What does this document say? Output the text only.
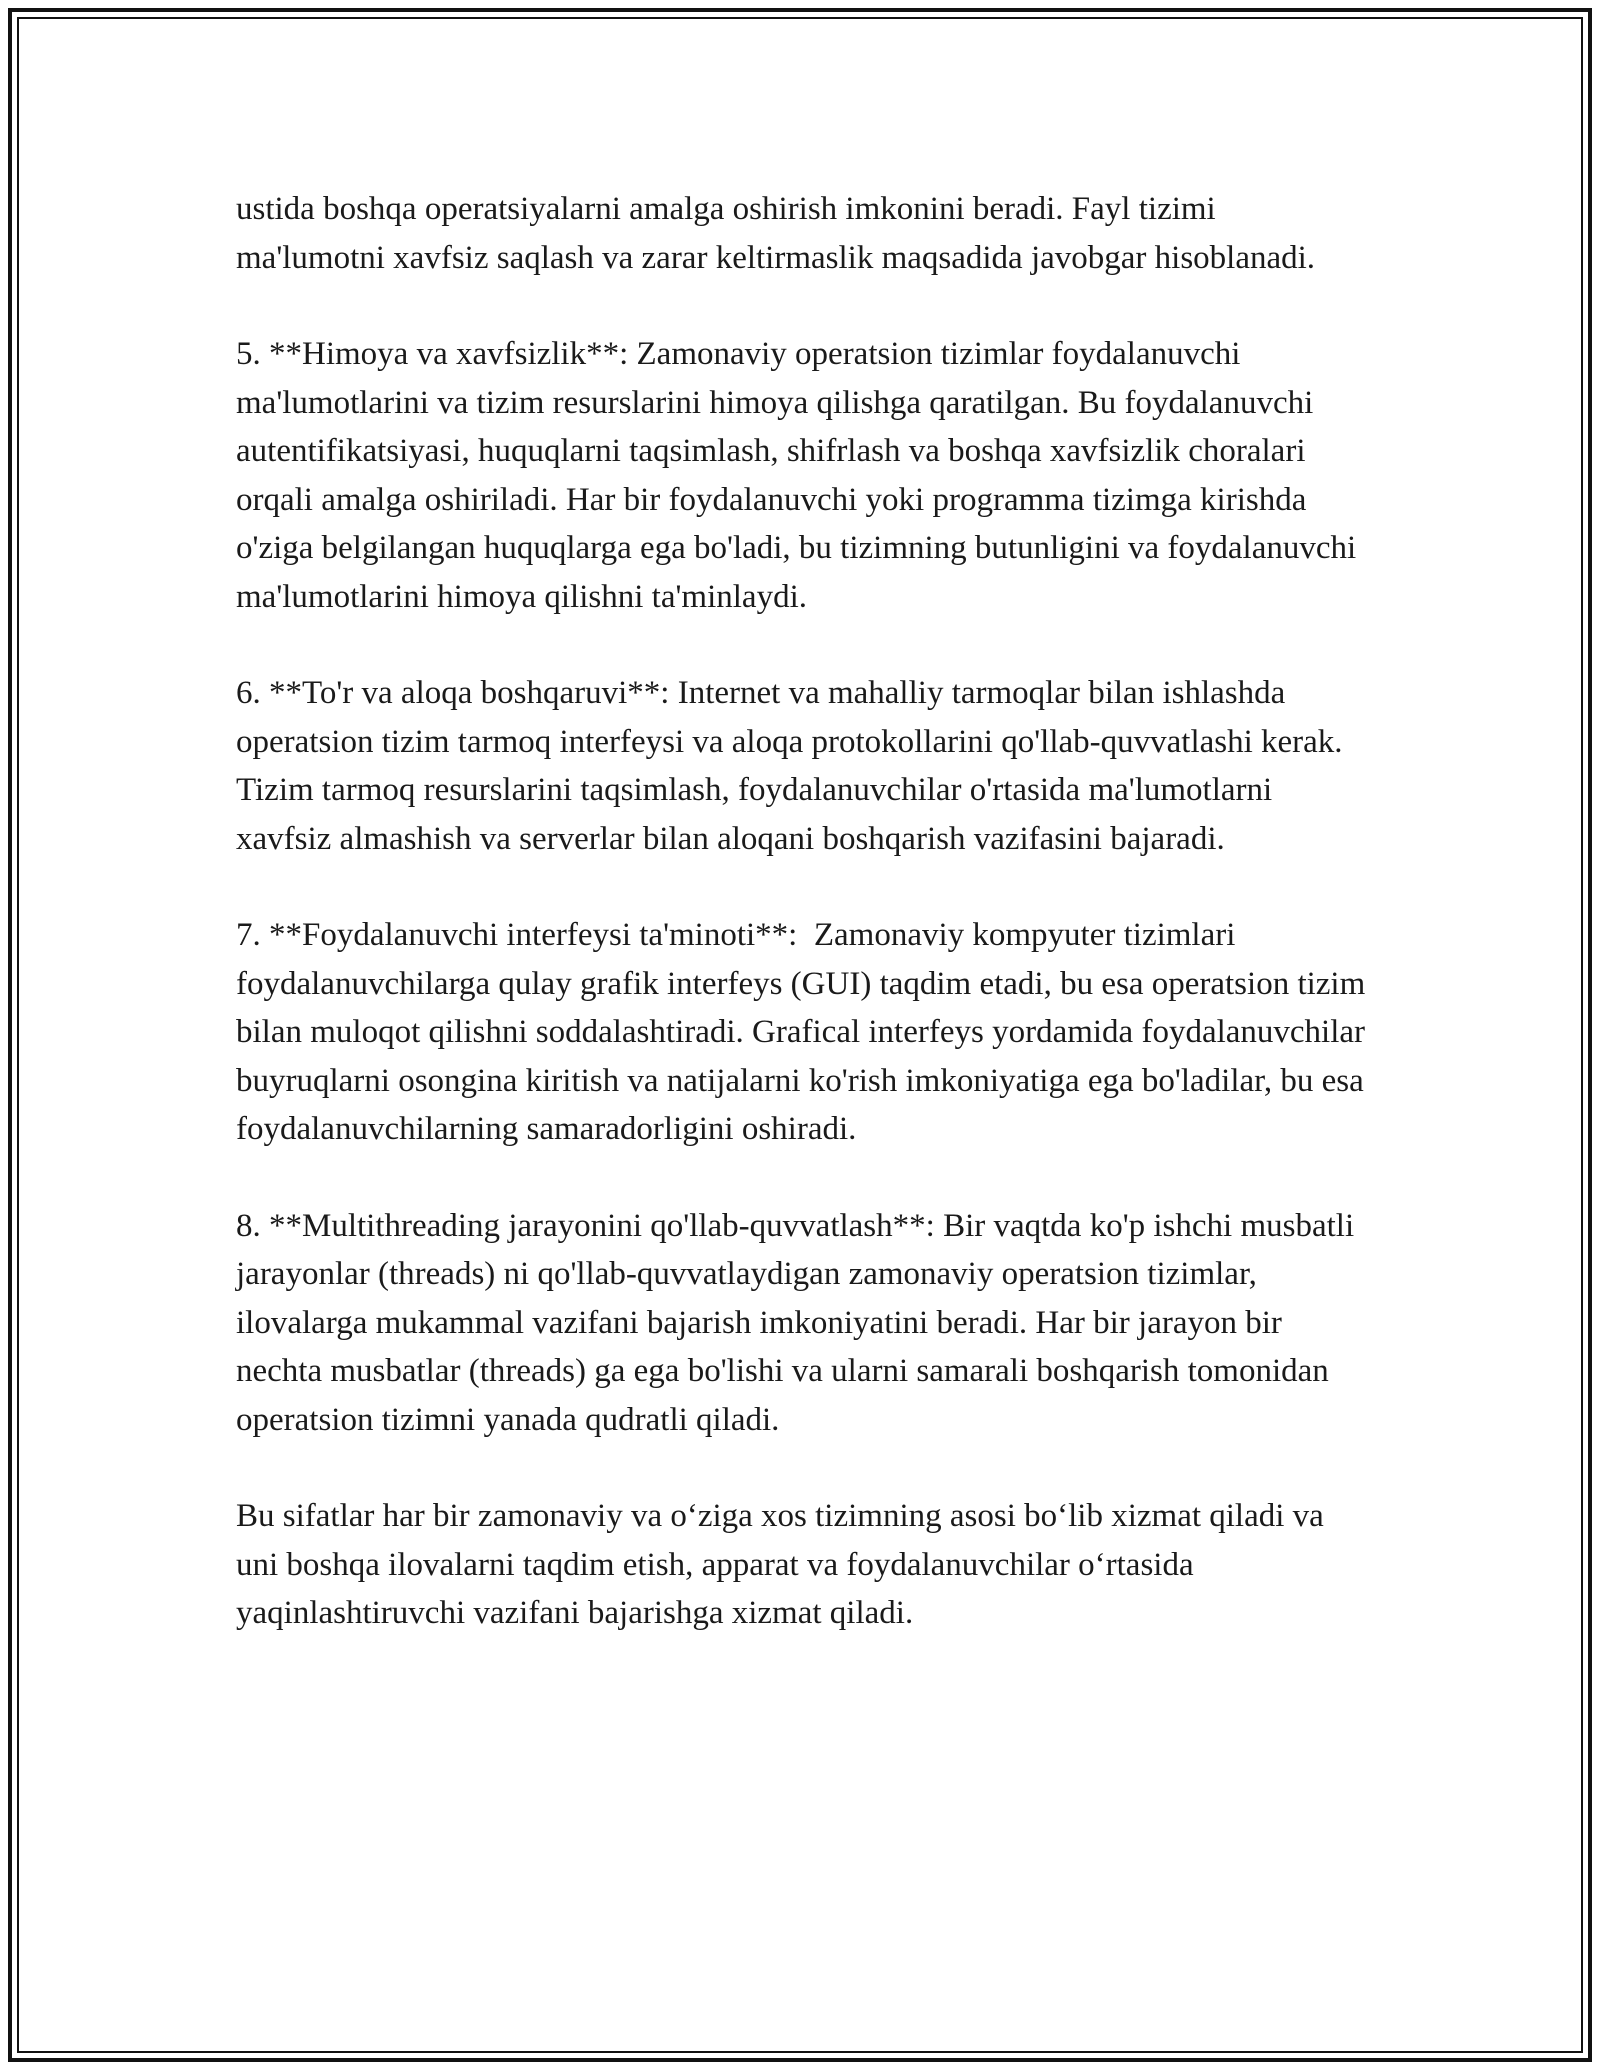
ustida boshqa operatsiyalarni amalga oshirish imkonini beradi. Fayl tizimi ma'lumotni xavfsiz saqlash va zarar keltirmaslik maqsadida javobgar hisoblanadi.

5. **Himoya va xavfsizlik**: Zamonaviy operatsion tizimlar foydalanuvchi ma'lumotlarini va tizim resurslarini himoya qilishga qaratilgan. Bu foydalanuvchi autentifikatsiyasi, huquqlarni taqsimlash, shifrlash va boshqa xavfsizlik choralari orqali amalga oshiriladi. Har bir foydalanuvchi yoki programma tizimga kirishda o'ziga belgilangan huquqlarga ega bo'ladi, bu tizimning butunligini va foydalanuvchi ma'lumotlarini himoya qilishni ta'minlaydi.

6. **To'r va aloqa boshqaruvi**: Internet va mahalliy tarmoqlar bilan ishlashda operatsion tizim tarmoq interfeysi va aloqa protokollarini qo'llab-quvvatlashi kerak. Tizim tarmoq resurslarini taqsimlash, foydalanuvchilar o'rtasida ma'lumotlarni xavfsiz almashish va serverlar bilan aloqani boshqarish vazifasini bajaradi.

7. **Foydalanuvchi interfeysi ta'minoti**:  Zamonaviy kompyuter tizimlari foydalanuvchilarga qulay grafik interfeys (GUI) taqdim etadi, bu esa operatsion tizim bilan muloqot qilishni soddalashtiradi. Grafical interfeys yordamida foydalanuvchilar buyruqlarni osongina kiritish va natijalarni ko'rish imkoniyatiga ega bo'ladilar, bu esa foydalanuvchilarning samaradorligini oshiradi.

8. **Multithreading jarayonini qo'llab-quvvatlash**: Bir vaqtda ko'p ishchi musbatli jarayonlar (threads) ni qo'llab-quvvatlaydigan zamonaviy operatsion tizimlar, ilovalarga mukammal vazifani bajarish imkoniyatini beradi. Har bir jarayon bir nechta musbatlar (threads) ga ega bo'lishi va ularni samarali boshqarish tomonidan operatsion tizimni yanada qudratli qiladi.

Bu sifatlar har bir zamonaviy va o‘ziga xos tizimning asosi bo‘lib xizmat qiladi va uni boshqa ilovalarni taqdim etish, apparat va foydalanuvchilar o‘rtasida yaqinlashtiruvchi vazifani bajarishga xizmat qiladi.
